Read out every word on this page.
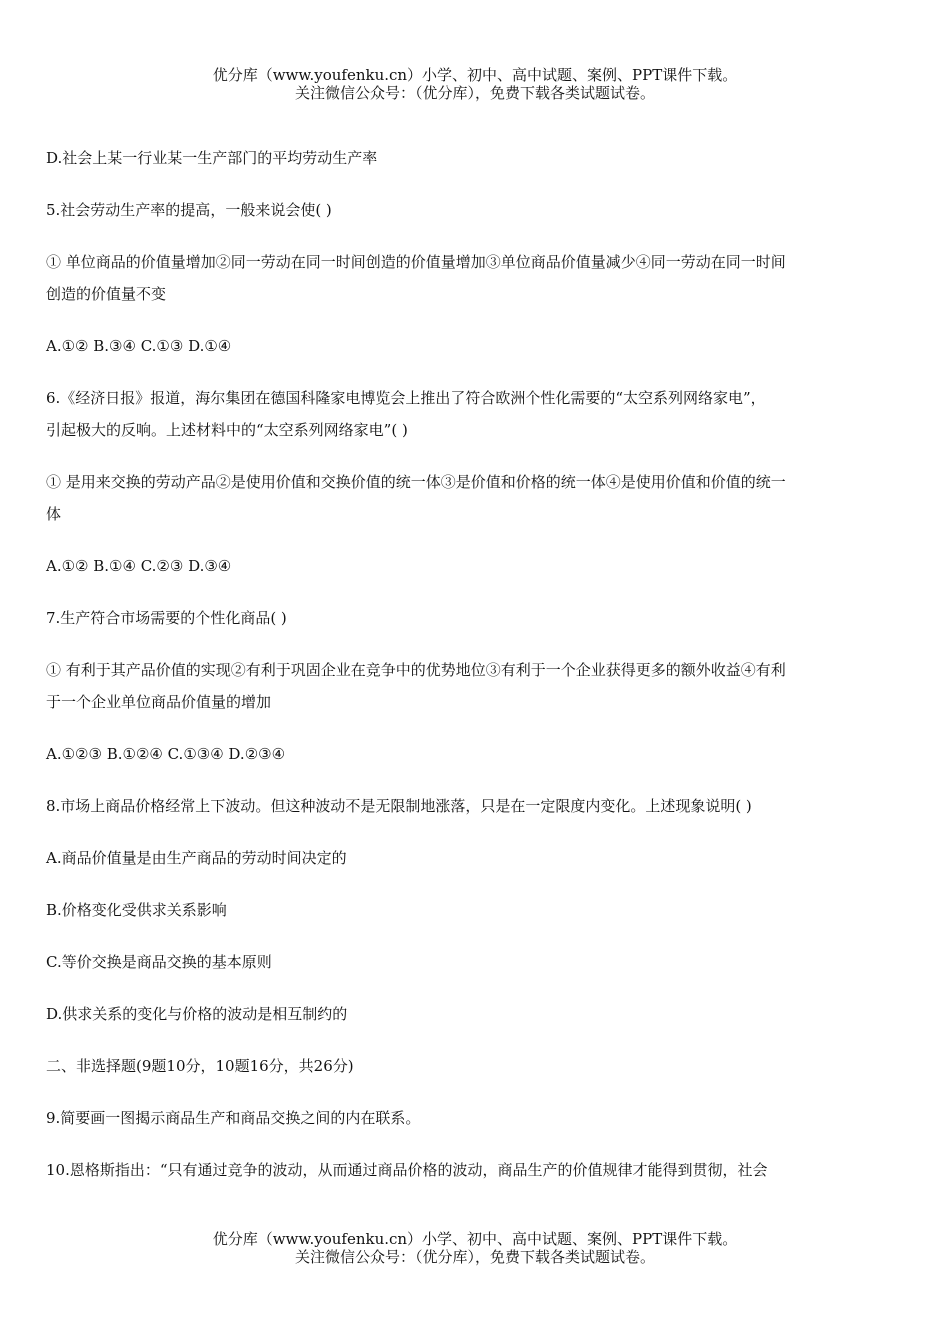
优分库（www.youfenku.cn）小学、初中、高中试题、案例、PPT课件下载。
关注微信公众号：（优分库），免费下载各类试题试卷。
D.社会上某一行业某一生产部门的平均劳动生产率
5.社会劳动生产率的提高，一般来说会使( )
① 单位商品的价值量增加②同一劳动在同一时间创造的价值量增加③单位商品价值量减少④同一劳动在同一时间
创造的价值量不变
A.①② B.③④ C.①③ D.①④
6.《经济日报》报道，海尔集团在德国科隆家电博览会上推出了符合欧洲个性化需要的“太空系列网络家电”，
引起极大的反响。上述材料中的“太空系列网络家电”( )
① 是用来交换的劳动产品②是使用价值和交换价值的统一体③是价值和价格的统一体④是使用价值和价值的统一
体
A.①② B.①④ C.②③ D.③④
7.生产符合市场需要的个性化商品( )
① 有利于其产品价值的实现②有利于巩固企业在竞争中的优势地位③有利于一个企业获得更多的额外收益④有利
于一个企业单位商品价值量的增加
A.①②③ B.①②④ C.①③④ D.②③④
8.市场上商品价格经常上下波动。但这种波动不是无限制地涨落，只是在一定限度内变化。上述现象说明( )
A.商品价值量是由生产商品的劳动时间决定的
B.价格变化受供求关系影响
C.等价交换是商品交换的基本原则
D.供求关系的变化与价格的波动是相互制约的
二、非选择题(9题10分，10题16分，共26分)
9.简要画一图揭示商品生产和商品交换之间的内在联系。
10.恩格斯指出：“只有通过竞争的波动，从而通过商品价格的波动，商品生产的价值规律才能得到贯彻，社会
优分库（www.youfenku.cn）小学、初中、高中试题、案例、PPT课件下载。
关注微信公众号：（优分库），免费下载各类试题试卷。
